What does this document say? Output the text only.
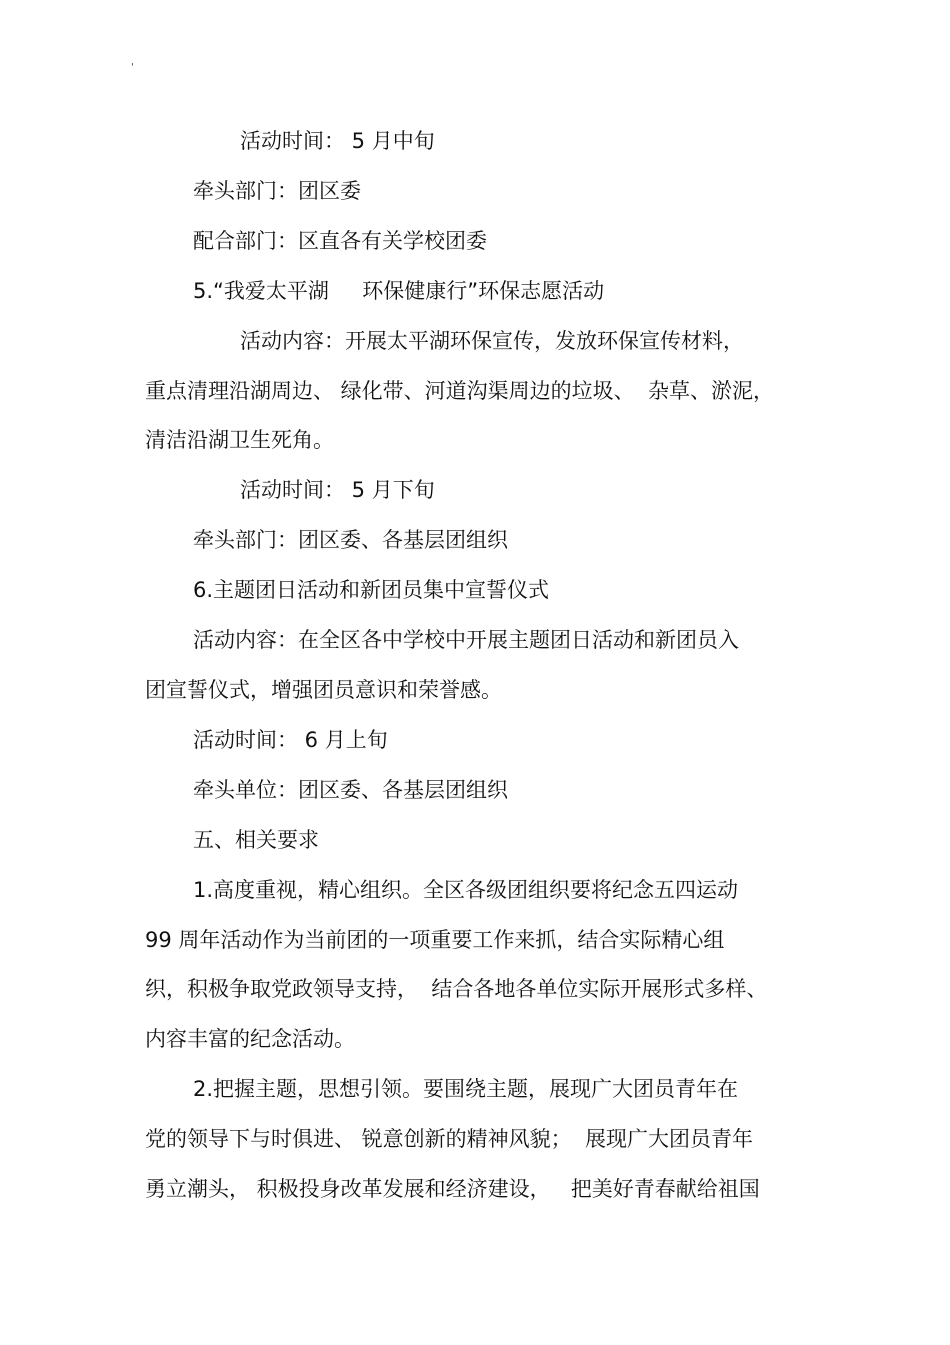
'

活动时间： 5 月中旬

牵头部门：团区委

配合部门：区直各有关学校团委

5.“我爱太平湖     环保健康行”环保志愿活动

活动内容：开展太平湖环保宣传，发放环保宣传材料，

重点清理沿湖周边、 绿化带、河道沟渠周边的垃圾、  杂草、淤泥，

清洁沿湖卫生死角。

活动时间： 5 月下旬

牵头部门：团区委、各基层团组织

6.主题团日活动和新团员集中宣誓仪式

活动内容：在全区各中学校中开展主题团日活动和新团员入

团宣誓仪式，增强团员意识和荣誉感。

活动时间： 6 月上旬

牵头单位：团区委、各基层团组织

五、相关要求

1.高度重视，精心组织。全区各级团组织要将纪念五四运动

99 周年活动作为当前团的一项重要工作来抓，结合实际精心组

织，积极争取党政领导支持，  结合各地各单位实际开展形式多样、

内容丰富的纪念活动。

2.把握主题，思想引领。要围绕主题，展现广大团员青年在

党的领导下与时俱进、 锐意创新的精神风貌；  展现广大团员青年

勇立潮头， 积极投身改革发展和经济建设，   把美好青春献给祖国
